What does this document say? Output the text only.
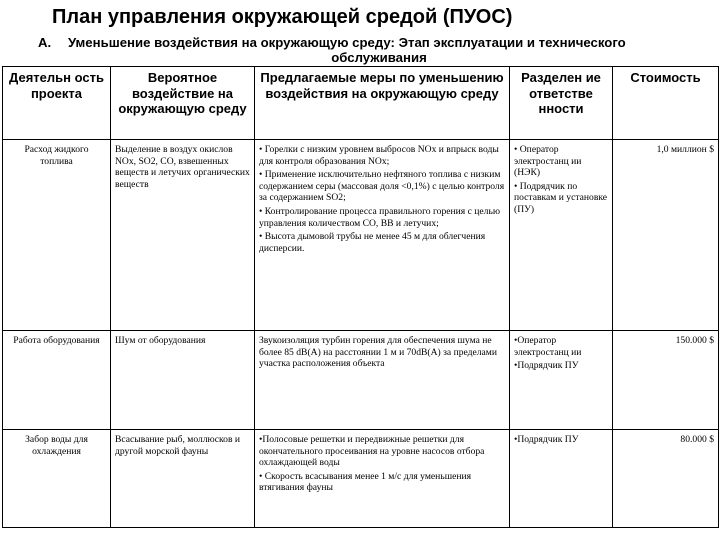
План управления окружающей средой (ПУОС)
A. Уменьшение воздействия на окружающую среду: Этап эксплуатации и технического
обслуживания
Деятельн ость проекта	Вероятное воздействие на окружающую среду	Предлагаемые меры по уменьшению воздействия на окружающую среду	Разделен ие ответстве нности	Стоимость
Расход жидкого топлива	Выделение в воздух окислов NOx, SO2, CO, взвешенных веществ и летучих органических веществ	• Горелки с низким уровнем выбросов NOx и впрыск воды для контроля образования NOx;
• Применение исключительно нефтяного топлива с низким содержанием серы (массовая доля <0,1%) с целью контроля за содержанием SO2;
• Контролирование процесса правильного горения с целью управления количеством CO, ВВ и летучих;
• Высота дымовой трубы не менее 45 м для облегчения дисперсии.	• Оператор электростанц ии (НЭК)
• Подрядчик по поставкам и установке (ПУ)	1,0 миллион $
Работа оборудования	Шум от оборудования	Звукоизоляция турбин горения для обеспечения шума не более 85 dB(A) на расстоянии 1 м и 70dB(A) за пределами участка расположения объекта	•Оператор электростанц ии
•Подрядчик ПУ	150.000 $
Забор воды для охлаждения	Всасывание рыб, моллюсков и другой морской фауны	•Полосовые решетки и передвижные решетки для окончательного просеивания на уровне насосов отбора охлаждающей воды
• Скорость всасывания менее 1 м/с для уменьшения втягивания фауны	•Подрядчик ПУ	80.000 $
